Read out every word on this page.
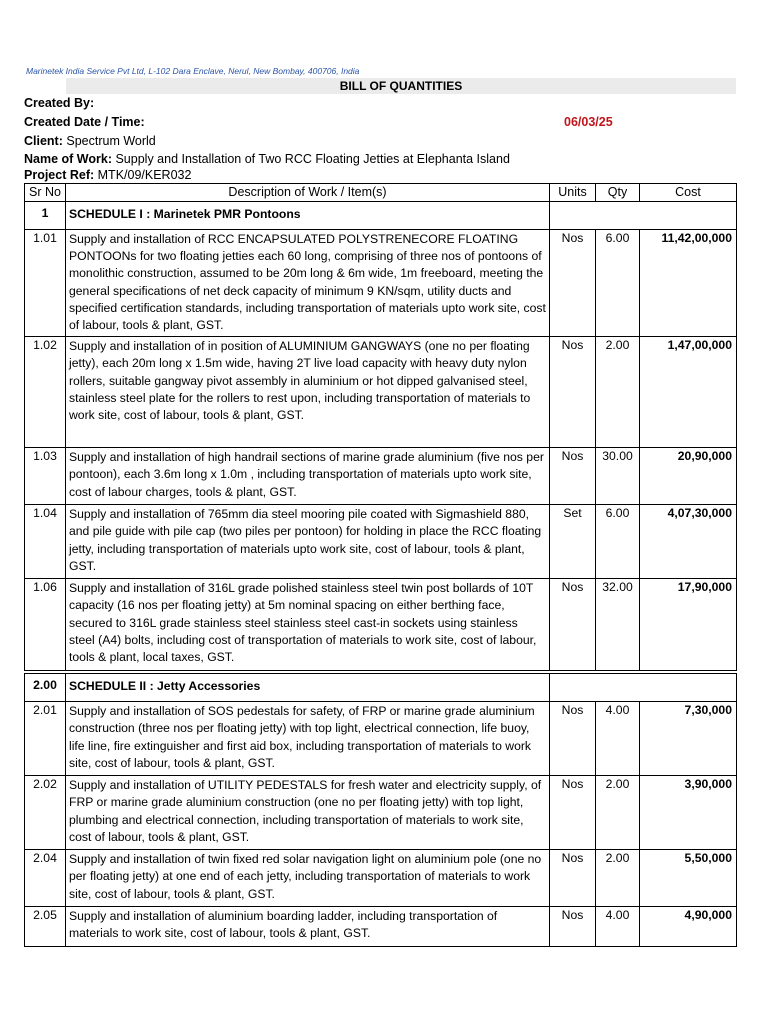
Marinetek India Service Pvt Ltd, L-102 Dara Enclave, Nerul, New Bombay, 400706, India
BILL OF QUANTITIES
Created By:
Created Date / Time:	06/03/25
Client: Spectrum World
Name of Work: Supply and Installation of Two RCC Floating Jetties at Elephanta Island
Project Ref: MTK/09/KER032
Sr No	Description of Work / Item(s)	Units	Qty	Cost
1	SCHEDULE I : Marinetek PMR Pontoons			
1.01	Supply and installation of RCC ENCAPSULATED POLYSTRENECORE FLOATING PONTOONs for two floating jetties each 60 long, comprising of three nos of pontoons of monolithic construction, assumed to be 20m long & 6m wide, 1m freeboard, meeting the general specifications of net deck capacity of minimum 9 KN/sqm, utility ducts and specified certification standards, including transportation of materials upto work site, cost of labour, tools & plant, GST.	Nos	6.00	11,42,00,000
1.02	Supply and installation of in position of ALUMINIUM GANGWAYS (one no per floating jetty), each 20m long x 1.5m wide, having 2T live load capacity with heavy duty nylon rollers, suitable gangway pivot assembly in aluminium or hot dipped galvanised steel, stainless steel plate for the rollers to rest upon, including transportation of materials to work site, cost of labour, tools & plant, GST.	Nos	2.00	1,47,00,000
1.03	Supply and installation of high handrail sections of marine grade aluminium (five nos per pontoon), each 3.6m long x 1.0m , including transportation of materials upto work site, cost of labour charges, tools & plant, GST.	Nos	30.00	20,90,000
1.04	Supply and installation of 765mm dia steel mooring pile coated with Sigmashield 880, and pile guide with pile cap (two piles per pontoon) for holding in place the RCC floating jetty, including transportation of materials upto work site, cost of labour, tools & plant, GST.	Set	6.00	4,07,30,000
1.06	Supply and installation of 316L grade polished stainless steel twin post bollards of 10T capacity (16 nos per floating jetty) at 5m nominal spacing on either berthing face, secured to 316L grade stainless steel stainless steel cast-in sockets using stainless steel (A4) bolts, including cost of transportation of materials to work site, cost of labour, tools & plant, local taxes, GST.	Nos	32.00	17,90,000

2.00	SCHEDULE II : Jetty Accessories			
2.01	Supply and installation of SOS pedestals for safety, of FRP or marine grade aluminium construction (three nos per floating jetty) with top light, electrical connection, life buoy, life line, fire extinguisher and first aid box, including transportation of materials to work site, cost of labour, tools & plant, GST.	Nos	4.00	7,30,000
2.02	Supply and installation of UTILITY PEDESTALS for fresh water and electricity supply, of FRP or marine grade aluminium construction (one no per floating jetty) with top light, plumbing and electrical connection, including transportation of materials to work site, cost of labour, tools & plant, GST.	Nos	2.00	3,90,000
2.04	Supply and installation of twin fixed red solar navigation light on aluminium pole (one no per floating jetty) at one end of each jetty, including transportation of materials to work site, cost of labour, tools & plant, GST.	Nos	2.00	5,50,000
2.05	Supply and installation of aluminium boarding ladder, including transportation of materials to work site, cost of labour, tools & plant, GST.	Nos	4.00	4,90,000
